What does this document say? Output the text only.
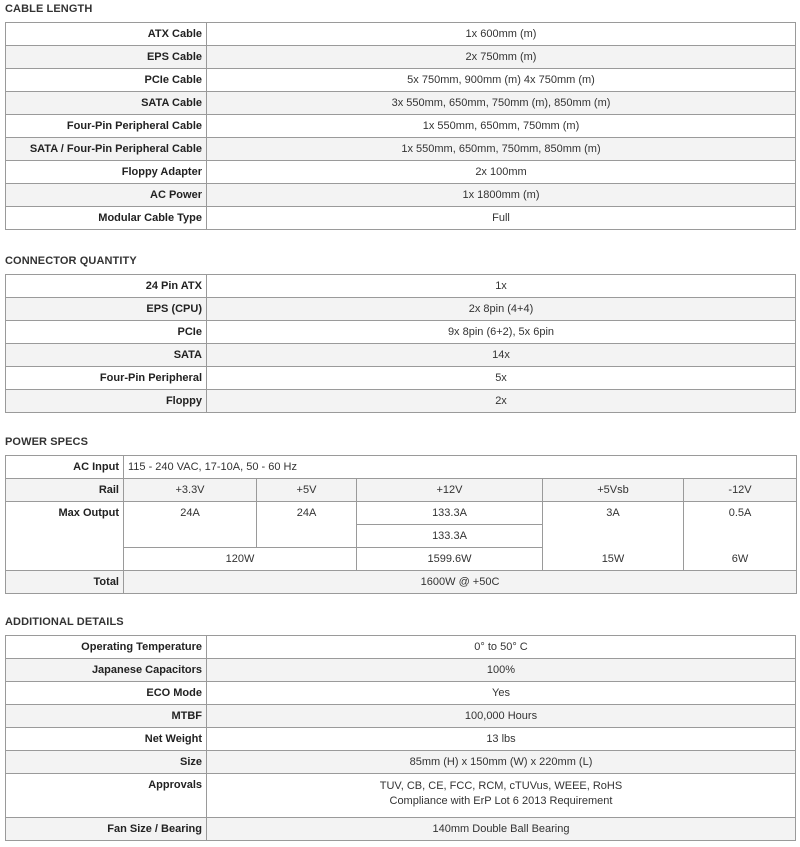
CABLE LENGTH
ATX Cable	1x 600mm (m)
EPS Cable	2x 750mm (m)
PCIe Cable	5x 750mm, 900mm (m) 4x 750mm (m)
SATA Cable	3x 550mm, 650mm, 750mm (m), 850mm (m)
Four-Pin Peripheral Cable	1x 550mm, 650mm, 750mm (m)
SATA / Four-Pin Peripheral Cable	1x 550mm, 650mm, 750mm, 850mm (m)
Floppy Adapter	2x 100mm
AC Power	1x 1800mm (m)
Modular Cable Type	Full
CONNECTOR QUANTITY
24 Pin ATX	1x
EPS (CPU)	2x 8pin (4+4)
PCIe	9x 8pin (6+2), 5x 6pin
SATA	14x
Four-Pin Peripheral	5x
Floppy	2x
POWER SPECS
AC Input	115 - 240 VAC, 17-10A, 50 - 60 Hz				
Rail	+3.3V	+5V	+12V	+5Vsb	-12V
Max Output	24A	24A	133.3A	3A	0.5A
			133.3A		
	120W		1599.6W	15W	6W
Total	1600W @ +50C				
ADDITIONAL DETAILS
Operating Temperature	0° to 50° C
Japanese Capacitors	100%
ECO Mode	Yes
MTBF	100,000 Hours
Net Weight	13 lbs
Size	85mm (H) x 150mm (W) x 220mm (L)
Approvals	TUV, CB, CE, FCC, RCM, cTUVus, WEEE, RoHS
Compliance with ErP Lot 6 2013 Requirement

Fan Size / Bearing	140mm Double Ball Bearing
